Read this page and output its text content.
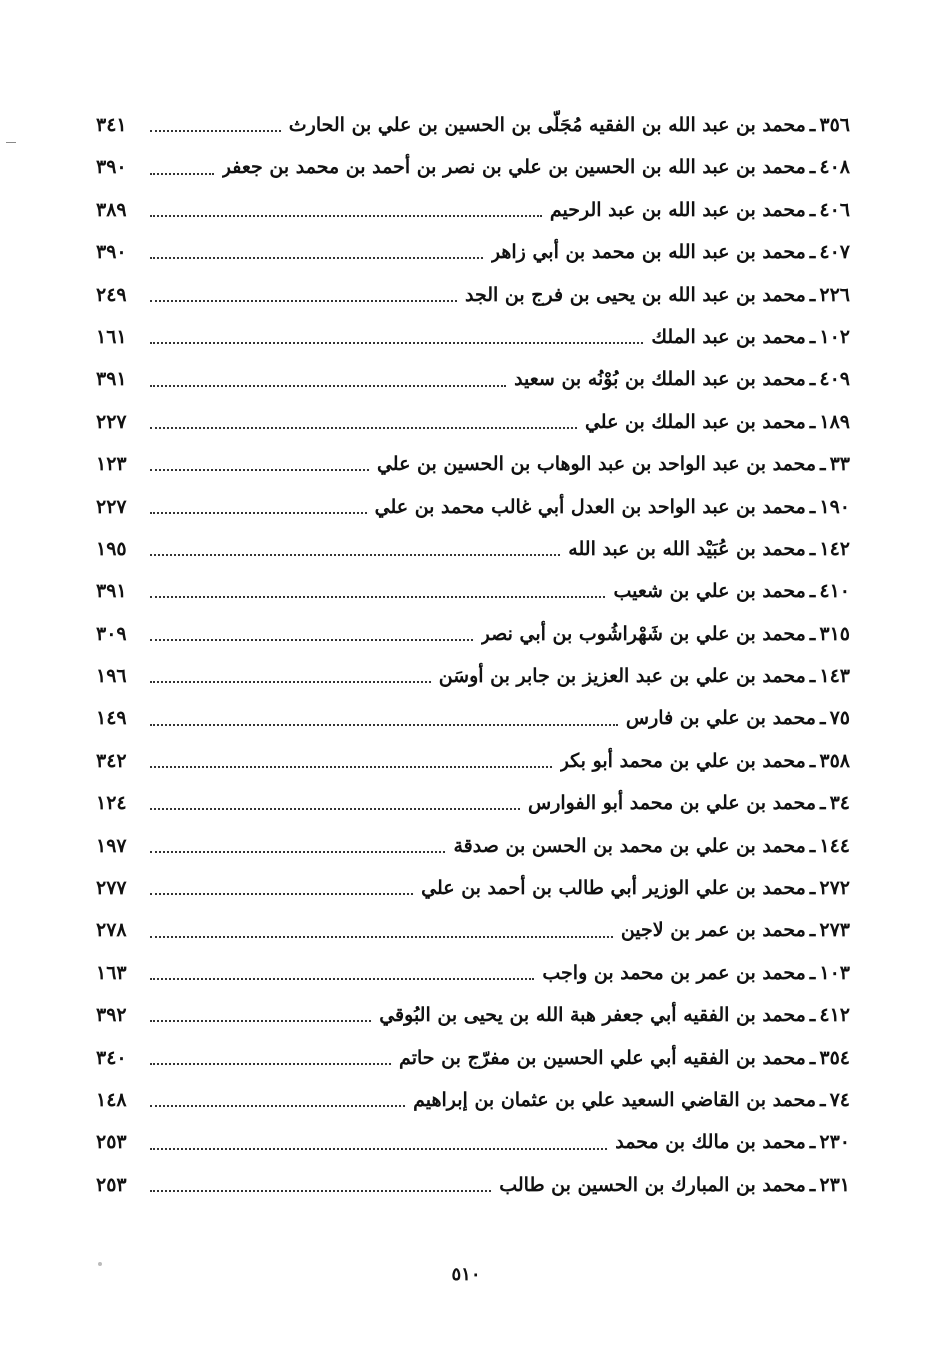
٣٥٦
ـ
محمد بن عبد الله بن الفقيه مُجَلّى بن الحسين بن علي بن الحارث
٣٤١
٤٠٨
ـ
محمد بن عبد الله بن الحسين بن علي بن نصر بن أحمد بن محمد بن جعفر
٣٩٠
٤٠٦
ـ
محمد بن عبد الله بن عبد الرحيم
٣٨٩
٤٠٧
ـ
محمد بن عبد الله بن محمد بن أبي زاهر
٣٩٠
٢٢٦
ـ
محمد بن عبد الله بن يحيى بن فرج بن الجد
٢٤٩
١٠٢
ـ
محمد بن عبد الملك
١٦١
٤٠٩
ـ
محمد بن عبد الملك بن بُوْنُه بن سعيد
٣٩١
١٨٩
ـ
محمد بن عبد الملك بن علي
٢٢٧
٣٣
ـ
محمد بن عبد الواحد بن عبد الوهاب بن الحسين بن علي
١٢٣
١٩٠
ـ
محمد بن عبد الواحد بن العدل أبي غالب محمد بن علي
٢٢٧
١٤٢
ـ
محمد بن عُبَيْد الله بن عبد الله
١٩٥
٤١٠
ـ
محمد بن علي بن شعيب
٣٩١
٣١٥
ـ
محمد بن علي بن شَهْراشُوب بن أبي نصر
٣٠٩
١٤٣
ـ
محمد بن علي بن عبد العزيز بن جابر بن أوسَن
١٩٦
٧٥
ـ
محمد بن علي بن فارس
١٤٩
٣٥٨
ـ
محمد بن علي بن محمد أبو بكر
٣٤٢
٣٤
ـ
محمد بن علي بن محمد أبو الفوارس
١٢٤
١٤٤
ـ
محمد بن علي بن محمد بن الحسن بن صدقة
١٩٧
٢٧٢
ـ
محمد بن علي الوزير أبي طالب بن أحمد بن علي
٢٧٧
٢٧٣
ـ
محمد بن عمر بن لاجين
٢٧٨
١٠٣
ـ
محمد بن عمر بن محمد بن واجب
١٦٣
٤١٢
ـ
محمد بن الفقيه أبي جعفر هبة الله بن يحيى بن البُوقي
٣٩٢
٣٥٤
ـ
محمد بن الفقيه أبي علي الحسين بن مفرّج بن حاتم
٣٤٠
٧٤
ـ
محمد بن القاضي السعيد علي بن عثمان بن إبراهيم
١٤٨
٢٣٠
ـ
محمد بن مالك بن محمد
٢٥٣
٢٣١
ـ
محمد بن المبارك بن الحسين بن طالب
٢٥٣
٥١٠
